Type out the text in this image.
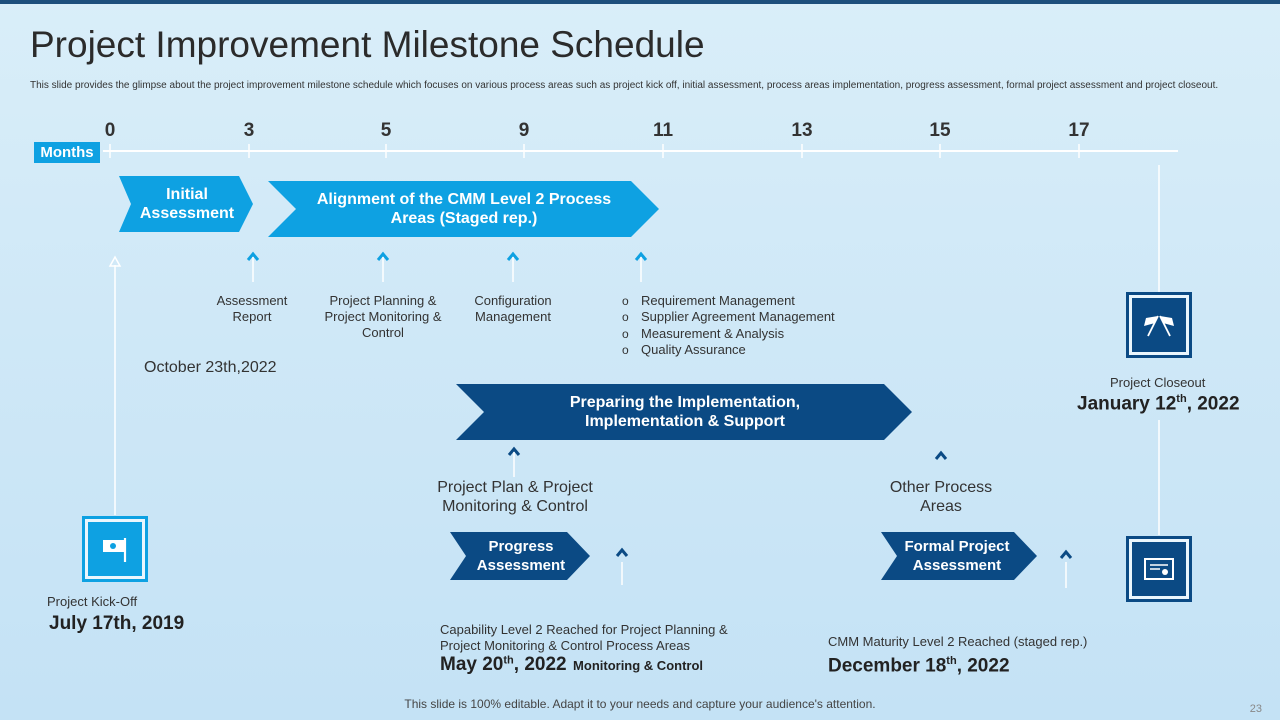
Project Improvement Milestone Schedule
This slide provides the glimpse about the project improvement milestone schedule which focuses on various process areas such as project kick off, initial assessment, process areas implementation, progress assessment, formal project assessment and project closeout.
0	3	5	9	11	13	15	17
Months
Initial Assessment
Alignment of the CMM Level 2 Process Areas (Staged rep.)
Preparing the Implementation, Implementation & Support
Progress Assessment
Formal Project Assessment
Assessment Report
Project Planning & Project Monitoring & Control
Configuration Management
o Requirement Management
o Supplier Agreement Management
o Measurement & Analysis
o Quality Assurance
October 23th,2022
Project Plan & Project Monitoring & Control
Other Process Areas
Project Kick-Off
July 17th, 2019
Project Closeout
January 12th, 2022
Capability Level 2 Reached for Project Planning & Project Monitoring & Control Process Areas
May 20th, 2022 Monitoring & Control
CMM Maturity Level 2 Reached (staged rep.)
December 18th, 2022
This slide is 100% editable. Adapt it to your needs and capture your audience's attention.	23
